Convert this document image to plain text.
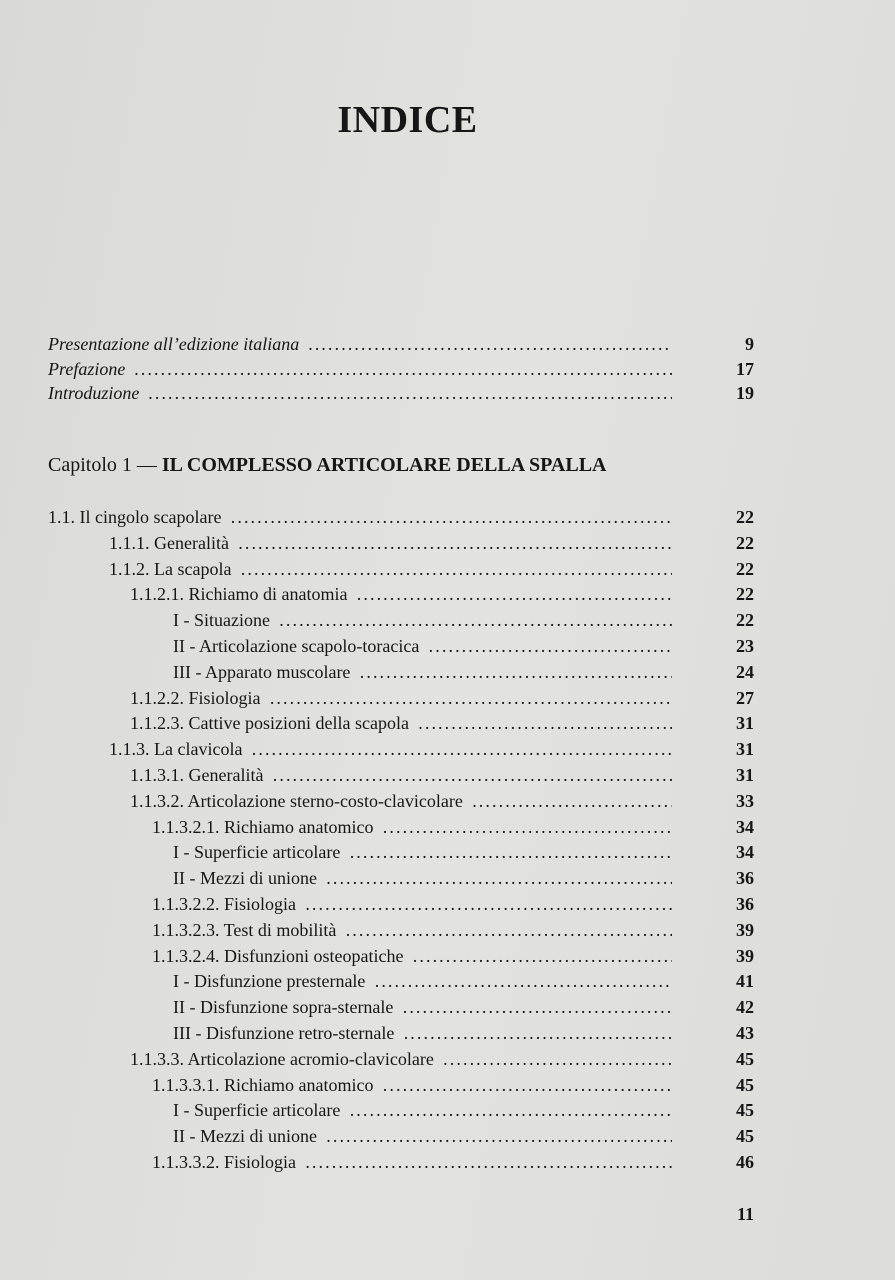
INDICE
Presentazione all’edizione italiana . . .	9
Prefazione . . .	17
Introduzione . . .	19
Capitolo 1 — IL COMPLESSO ARTICOLARE DELLA SPALLA
1.1. Il cingolo scapolare . . .	22
1.1.1. Generalità . . .	22
1.1.2. La scapola . . .	22
1.1.2.1. Richiamo di anatomia . . .	22
I - Situazione . . .	22
II - Articolazione scapolo-toracica . . .	23
III - Apparato muscolare . . .	24
1.1.2.2. Fisiologia . . .	27
1.1.2.3. Cattive posizioni della scapola . . .	31
1.1.3. La clavicola . . .	31
1.1.3.1. Generalità . . .	31
1.1.3.2. Articolazione sterno-costo-clavicolare . . .	33
1.1.3.2.1. Richiamo anatomico . . .	34
I - Superficie articolare . . .	34
II - Mezzi di unione . . .	36
1.1.3.2.2. Fisiologia . . .	36
1.1.3.2.3. Test di mobilità . . .	39
1.1.3.2.4. Disfunzioni osteopatiche . . .	39
I - Disfunzione presternale . . .	41
II - Disfunzione sopra-sternale . . .	42
III - Disfunzione retro-sternale . . .	43
1.1.3.3. Articolazione acromio-clavicolare . . .	45
1.1.3.3.1. Richiamo anatomico . . .	45
I - Superficie articolare . . .	45
II - Mezzi di unione . . .	45
1.1.3.3.2. Fisiologia . . .	46
11
